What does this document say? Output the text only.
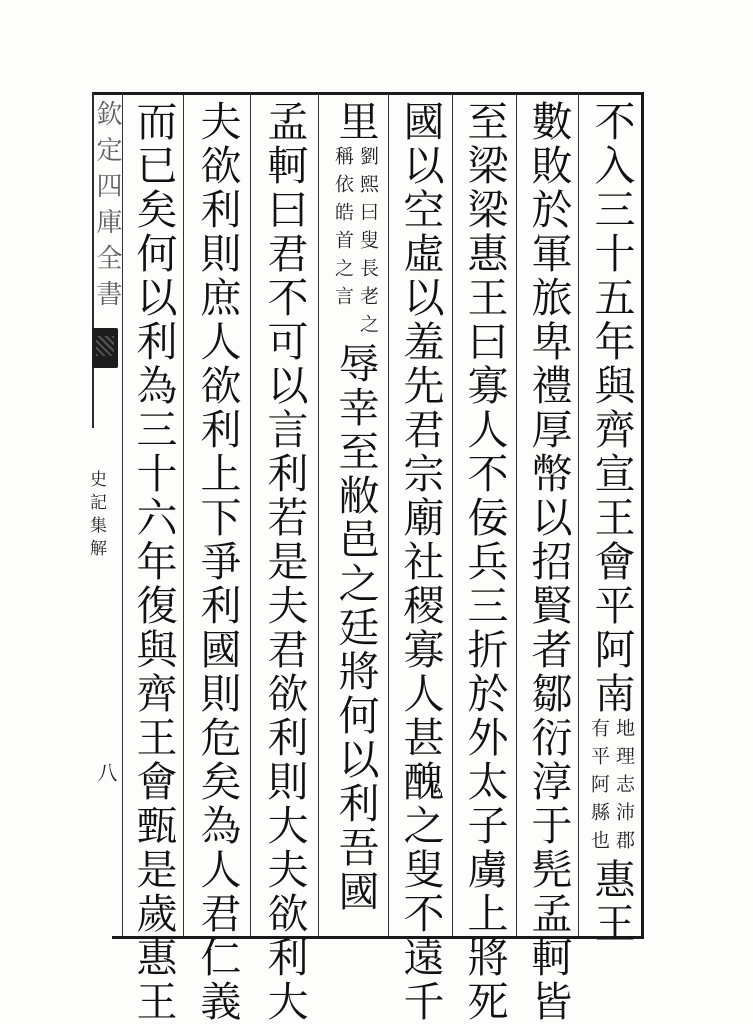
欽定四庫全書
史記集解
八
不入三十五年與齊宣王會平阿南
地理志沛郡
有平阿縣也
惠王
數敗於軍旅卑禮厚幣以招賢者鄒衍淳于髡孟軻皆
至梁梁惠王曰寡人不佞兵三折於外太子虜上將死
國以空虛以羞先君宗廟社稷寡人甚醜之叟不遠千
里
劉熙曰叟長老之
稱依皓首之言
辱幸至敝邑之廷將何以利吾國
孟軻曰君不可以言利若是夫君欲利則大夫欲利大
夫欲利則庶人欲利上下爭利國則危矣為人君仁義
而已矣何以利為三十六年復與齊王會甄是歲惠王
